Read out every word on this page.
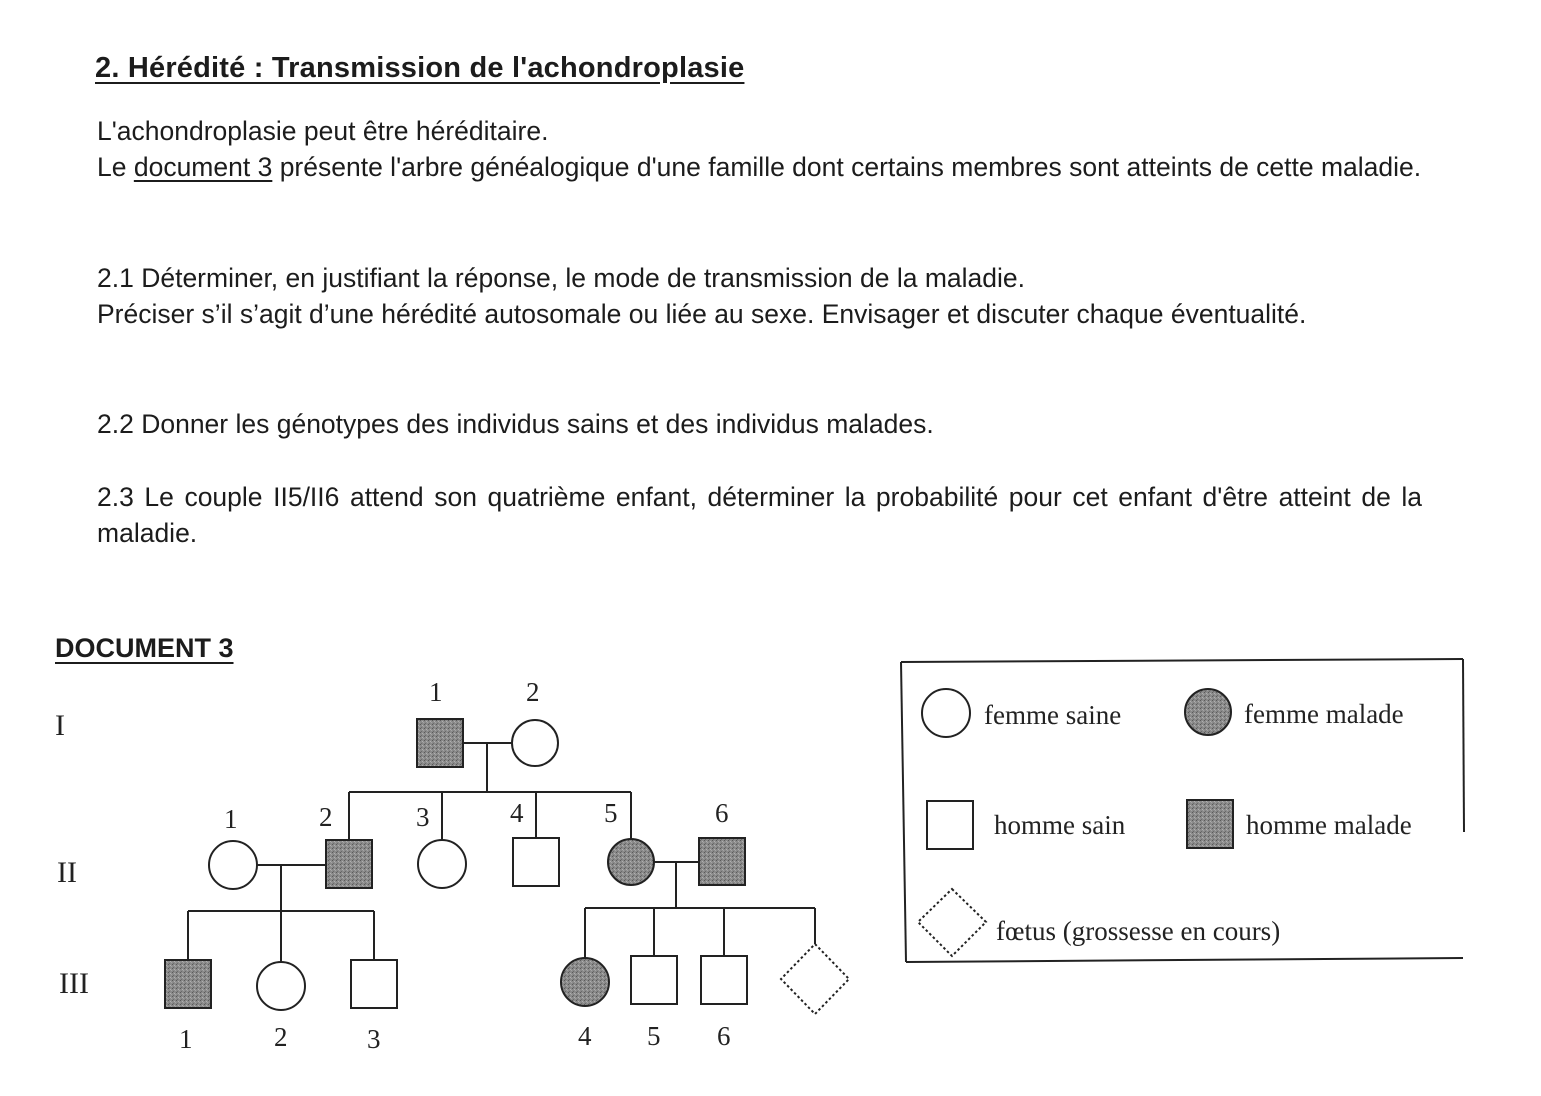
2. Hérédité : Transmission de l'achondroplasie

L'achondroplasie peut être héréditaire.
Le document 3 présente l'arbre généalogique d'une famille dont certains membres sont atteints de cette maladie.

2.1 Déterminer, en justifiant la réponse, le mode de transmission de la maladie.

Préciser s’il s’agit d’une hérédité autosomale ou liée au sexe. Envisager et discuter chaque éventualité.

2.2 Donner les génotypes des individus sains et des individus malades.

2.3 Le couple II5/II6 attend son quatrième enfant, déterminer la probabilité pour cet enfant d'être atteint de la maladie.

DOCUMENT 3
I
II
III
1	2
1	2	3	4	5	6
1	2	3	4 5 6
femme saine	femme malade
homme sain	homme malade
fœtus (grossesse en cours)
